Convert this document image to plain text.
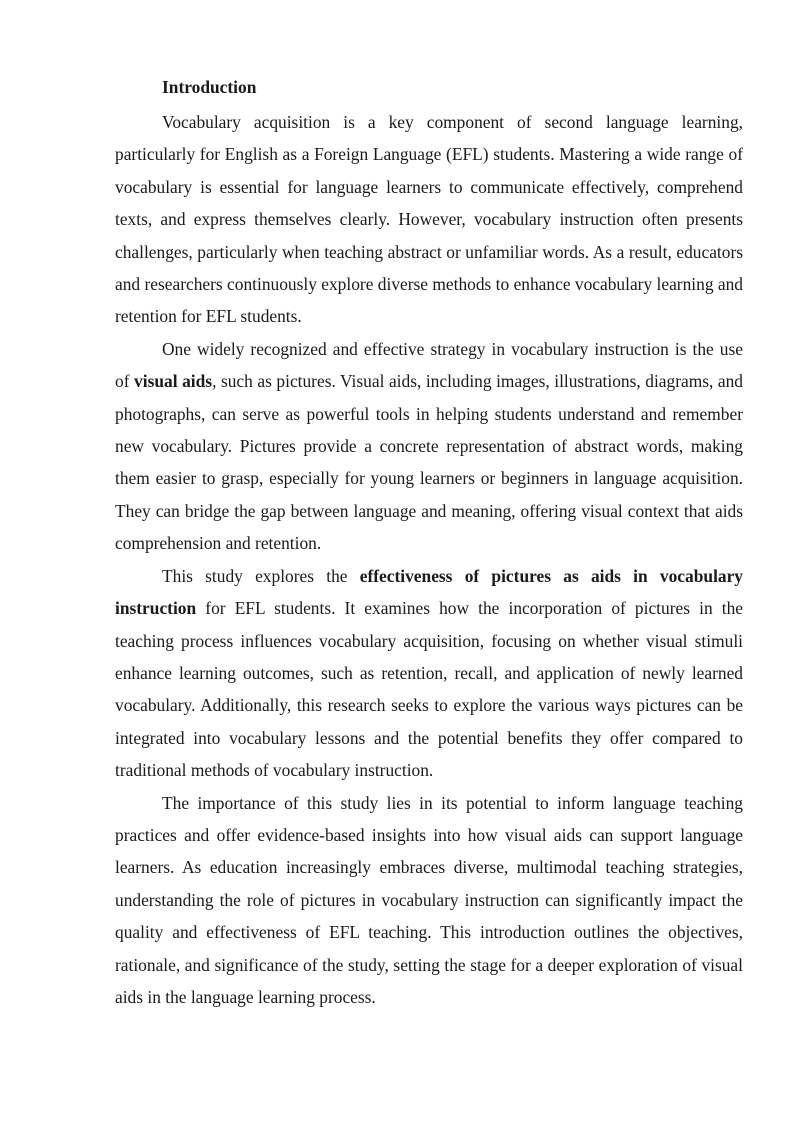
Introduction

Vocabulary acquisition is a key component of second language learning, particularly for English as a Foreign Language (EFL) students. Mastering a wide range of vocabulary is essential for language learners to communicate effectively, comprehend texts, and express themselves clearly. However, vocabulary instruction often presents challenges, particularly when teaching abstract or unfamiliar words. As a result, educators and researchers continuously explore diverse methods to enhance vocabulary learning and retention for EFL students.

One widely recognized and effective strategy in vocabulary instruction is the use of visual aids, such as pictures. Visual aids, including images, illustrations, diagrams, and photographs, can serve as powerful tools in helping students understand and remember new vocabulary. Pictures provide a concrete representation of abstract words, making them easier to grasp, especially for young learners or beginners in language acquisition. They can bridge the gap between language and meaning, offering visual context that aids comprehension and retention.

This study explores the effectiveness of pictures as aids in vocabulary instruction for EFL students. It examines how the incorporation of pictures in the teaching process influences vocabulary acquisition, focusing on whether visual stimuli enhance learning outcomes, such as retention, recall, and application of newly learned vocabulary. Additionally, this research seeks to explore the various ways pictures can be integrated into vocabulary lessons and the potential benefits they offer compared to traditional methods of vocabulary instruction.

The importance of this study lies in its potential to inform language teaching practices and offer evidence-based insights into how visual aids can support language learners. As education increasingly embraces diverse, multimodal teaching strategies, understanding the role of pictures in vocabulary instruction can significantly impact the quality and effectiveness of EFL teaching. This introduction outlines the objectives, rationale, and significance of the study, setting the stage for a deeper exploration of visual aids in the language learning process.
